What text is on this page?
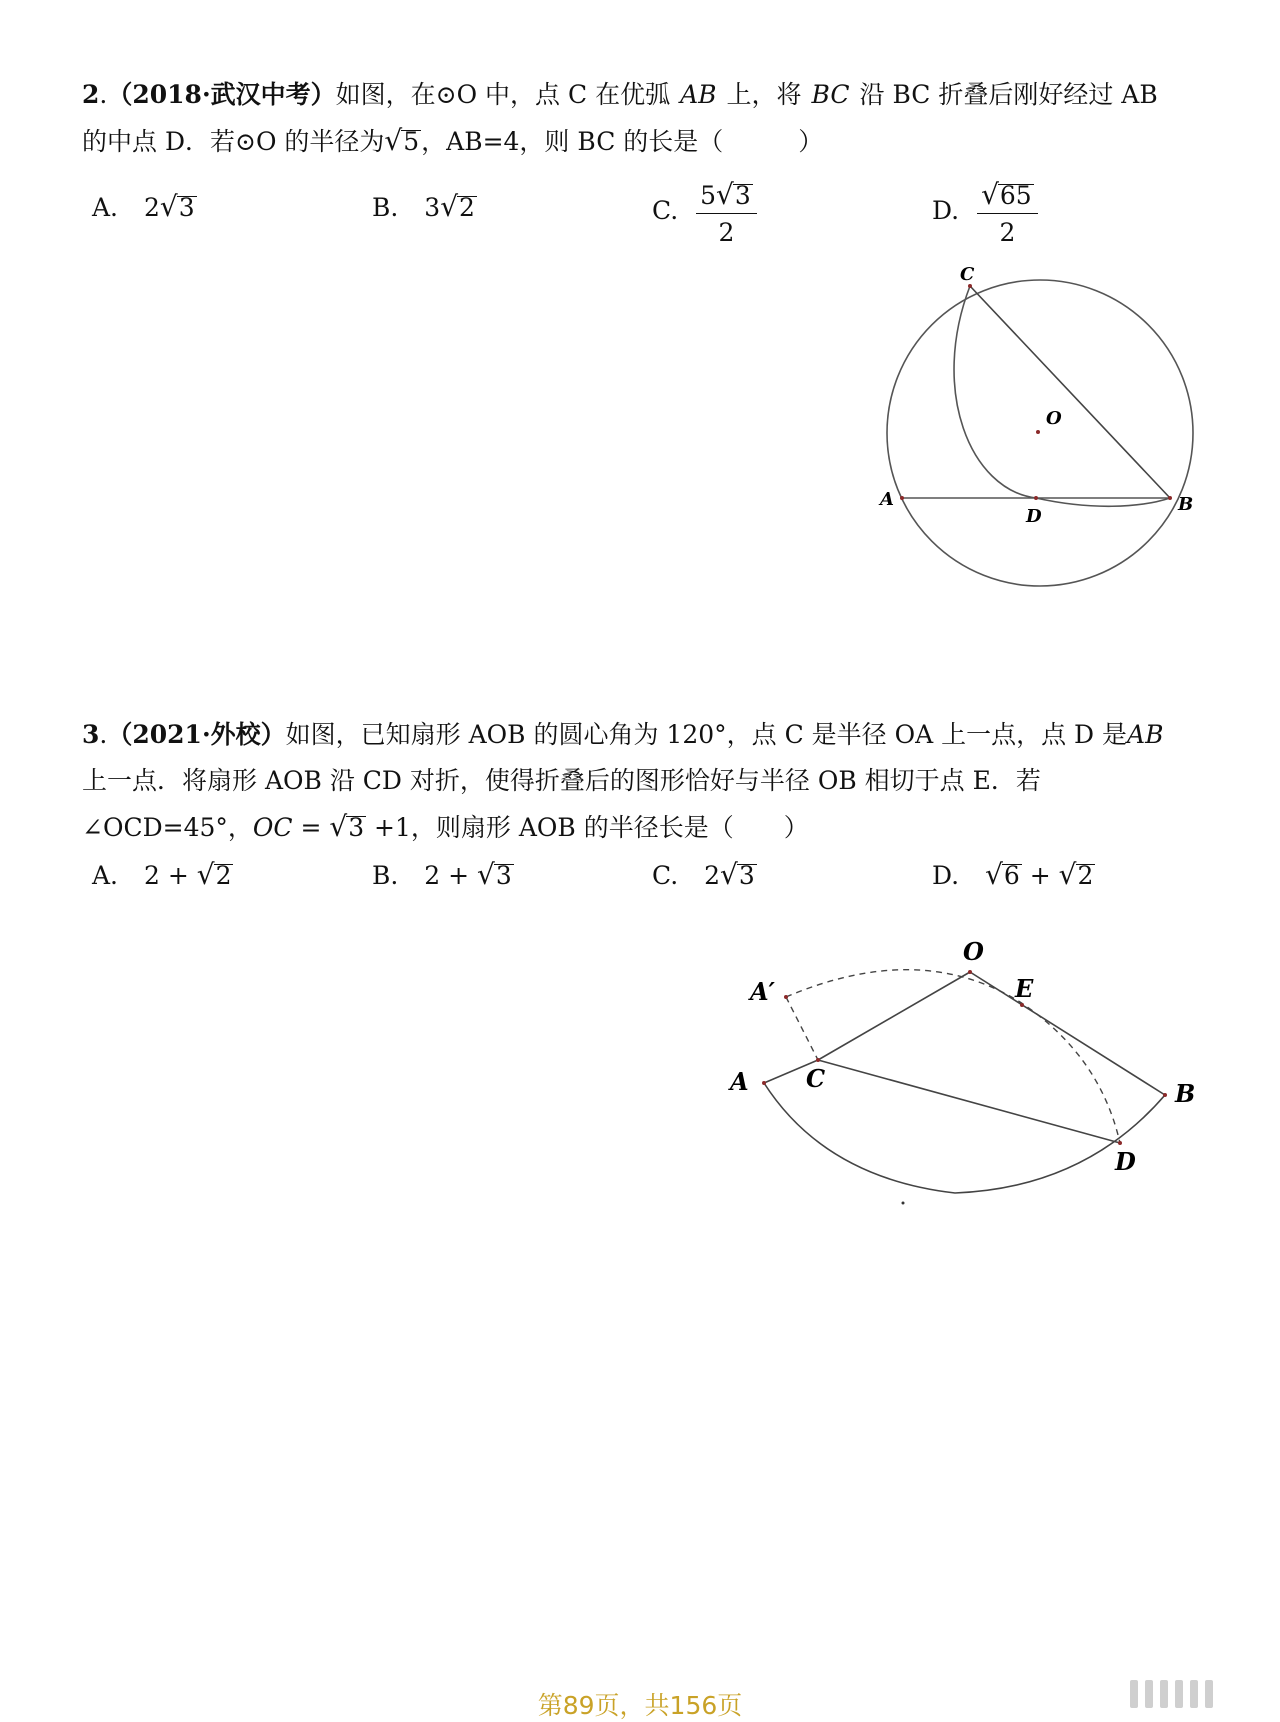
2.（2018·武汉中考）如图，在⊙O 中，点 C 在优弧 AB 上，将 BC 沿 BC 折叠后刚好经过 AB
的中点 D．若⊙O 的半径为√5，AB=4，则 BC 的长是（　　　）
A. 2√3	B. 3√2	C. $\frac{5√3}{2}$	D. $\frac{√65}{2}$
C
O
A
D
B
3.（2021·外校）如图，已知扇形 AOB 的圆心角为 120°，点 C 是半径 OA 上一点，点 D 是AB
上一点．将扇形 AOB 沿 CD 对折，使得折叠后的图形恰好与半径 OB 相切于点 E．若
∠OCD=45°，OC = √3 +1，则扇形 AOB 的半径长是（　　）
A. 2 + √2	B. 2 + √3	C. 2√3	D. √6 + √2
O
A′	E
A C
B
D
第89页，共156页
